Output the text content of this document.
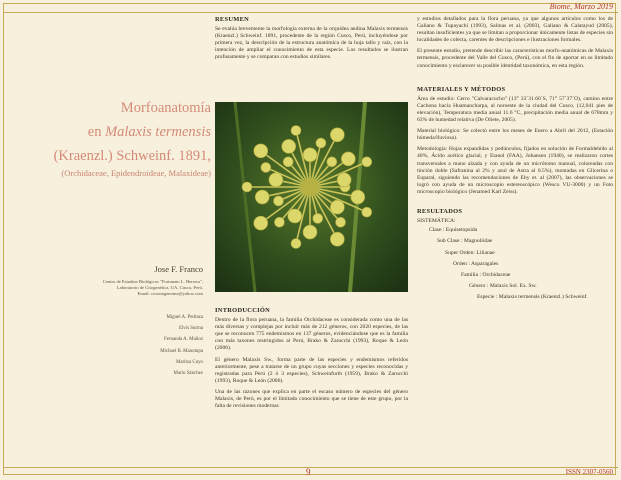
Biome, Marzo 2019
Morfoanatomía
en Malaxis termensis
(Kraenzl.) Schweinf. 1891,
(Orchidaceae, Epidendroideae, Malaxideae)
Jose F. Franco
Centro de Estudios Biológicos "Fortunato L. Herrera",
Laboratorio de Citogenética, UA, Cusco, Perú.
Email: crossingenome@yahoo.com
Miguel A. Pedraza
Elvis Surma
Fernanda A. Muñoz
Michael B. Manotupa
Maritza Cuyo
Mario Sánchez
RESUMEN

Se evalúa brevemente la morfología externa de la orquídea andina Malaxis termensis (Kraenzl.) Schweinf. 1891, procedente de la región Cusco, Perú, incluyéndose por primera vez, la descripción de la estructura anatómica de la hoja tallo y raíz, con la intención de ampliar el conocimiento de esta especie. Los resultados se ilustran profusamente y se comparan con estudios similares.

INTRODUCCIÓN

Dentro de la flora peruana, la familia Orchidaceae es considerada como una de las más diversas y complejas por incluir más de 212 géneros, con 2020 especies, de las que se reconocen 775 endemismos en 137 géneros, evidenciándose que es la familia con más taxones restringidos al Perú, Brako & Zarucchi (1993), Roque & León (2006).

El género Malaxis Sw., forma parte de las especies y endemismos referidos anteriormente, pese a tratarse de un grupo cuyas secciones y especies reconocidas y registradas para Perú (2 ó 3 especies), Schweinfurth (1959), Brako & Zarucchi (1993), Roque & León (2006).

Una de las razones que explica en parte el escaso número de especies del género Malaxis, de Perú, es por el limitado conocimiento que se tiene de este grupo, por la falta de revisiones modernas

y estudios detallados para la flora peruana, ya que algunos artículos como los de Galiano & Tupayachi (1993), Salinas et al. (2003), Galiano & Calatayud (2005), resultan insuficientes ya que se limitan a proporcionar únicamente listas de especies sin localidades de colecta, carentes de descripciones e ilustraciones formales.

El presente estudio, pretende describir las características morfo-anatómicas de Malaxis termensis, procedente del Valle del Cusco, (Perú), con el fin de aportar en su limitado conocimiento y esclarecer su posible identidad taxonómica, en esta región.

MATERIALES Y MÉTODOS

Área de estudio: Cerro "Calvaracucho" (13° 33´31.60´S, 71° 57´37´O), camino entre Cachona hacia Huamancharpa, al noroeste de la ciudad del Cusco, (12,041 pies de elevación), Temperatura media anual 11.6 °C, precipitación media anual de 678mm y 63% de humedad relativa (De Oliete, 2005).

Material biológico: Se colectó entre los meses de Enero a Abril del 2012, (Estación húmeda/lluviosa).

Metodología: Hojas expandidas y pedúnculos, fijados en solución de Formaldehído al 40%, Ácido acético glacial, y Etanol (FAA), Johansen (1940), se realizaron cortes transversales a mano alzada y con ayuda de un micrótomo manual, coloreadas con tinción doble (Safranina al 2% y azul de Astra al 0.5%), montadas en Glicerina o Euparal, siguiendo las recomendaciones de Eby et. al (2007), las observaciones se logró con ayuda de un microscopio estereoscópico (Wesco VU-3000) y un Foto microscopio biológico (Jenamed Karl Zeiss).

RESULTADOS
SISTEMÁTICA:
Clase : Equisetopsida
Sub Clase : Magnoliidae
Super Orden: Lilianae
Orden : Asparagales
Familia : Orchidaceae
Género : Malaxis Sol. Ex. Sw.
Especie : Malaxis termensis (Kraenzl.) Schweinf.
9	ISSN 2307-0560
